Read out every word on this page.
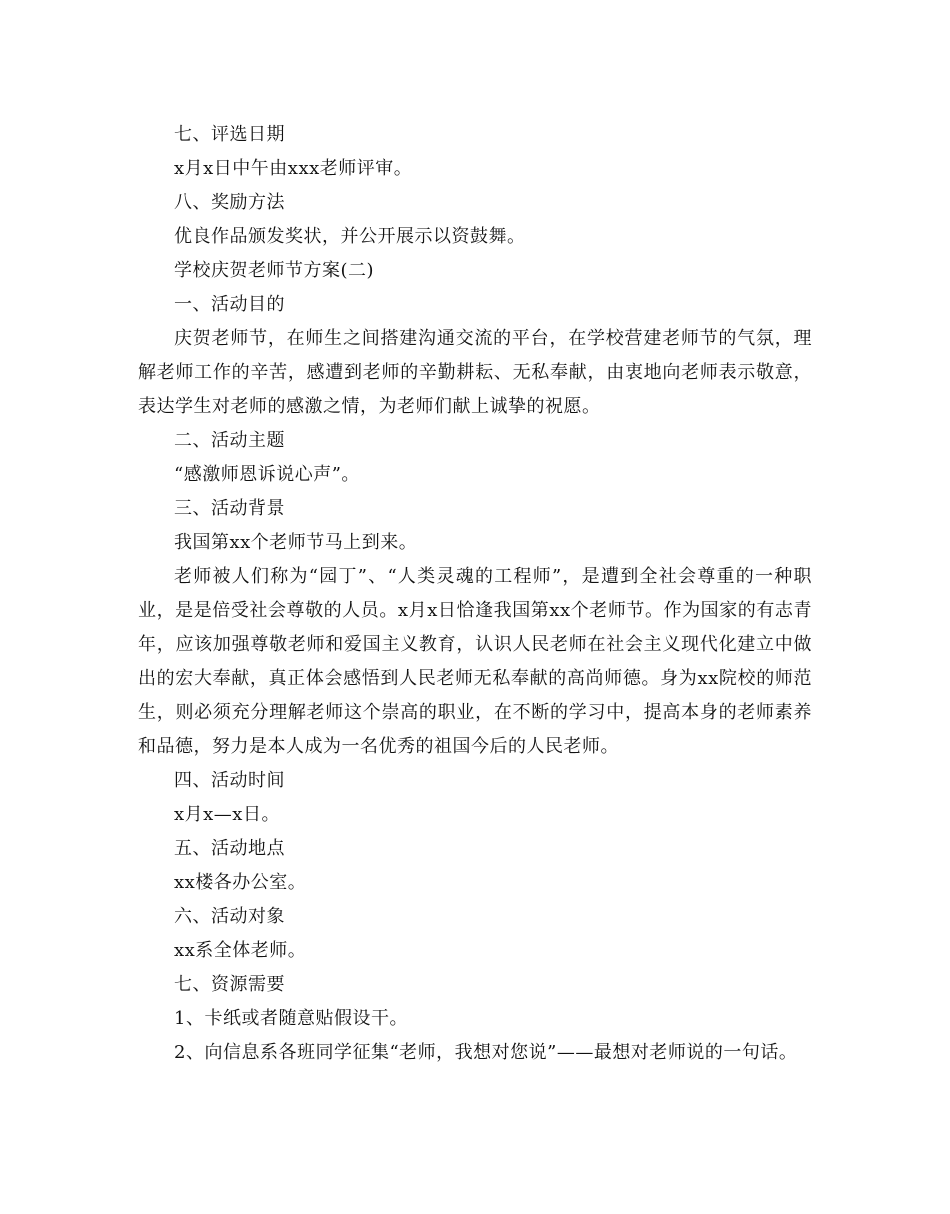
七、评选日期

x月x日中午由xxx老师评审。

八、奖励方法

优良作品颁发奖状，并公开展示以资鼓舞。

学校庆贺老师节方案(二)

一、活动目的

庆贺老师节，在师生之间搭建沟通交流的平台，在学校营建老师节的气氛，理解老师工作的辛苦，感遭到老师的辛勤耕耘、无私奉献，由衷地向老师表示敬意，表达学生对老师的感激之情，为老师们献上诚挚的祝愿。

二、活动主题

“感激师恩诉说心声”。

三、活动背景

我国第xx个老师节马上到来。

老师被人们称为“园丁”、“人类灵魂的工程师”，是遭到全社会尊重的一种职业，是是倍受社会尊敬的人员。x月x日恰逢我国第xx个老师节。作为国家的有志青年，应该加强尊敬老师和爱国主义教育，认识人民老师在社会主义现代化建立中做出的宏大奉献，真正体会感悟到人民老师无私奉献的高尚师德。身为xx院校的师范生，则必须充分理解老师这个崇高的职业，在不断的学习中，提高本身的老师素养和品德，努力是本人成为一名优秀的祖国今后的人民老师。

四、活动时间

x月x—x日。

五、活动地点

xx楼各办公室。

六、活动对象

xx系全体老师。

七、资源需要

1、卡纸或者随意贴假设干。

2、向信息系各班同学征集“老师，我想对您说”——最想对老师说的一句话。
